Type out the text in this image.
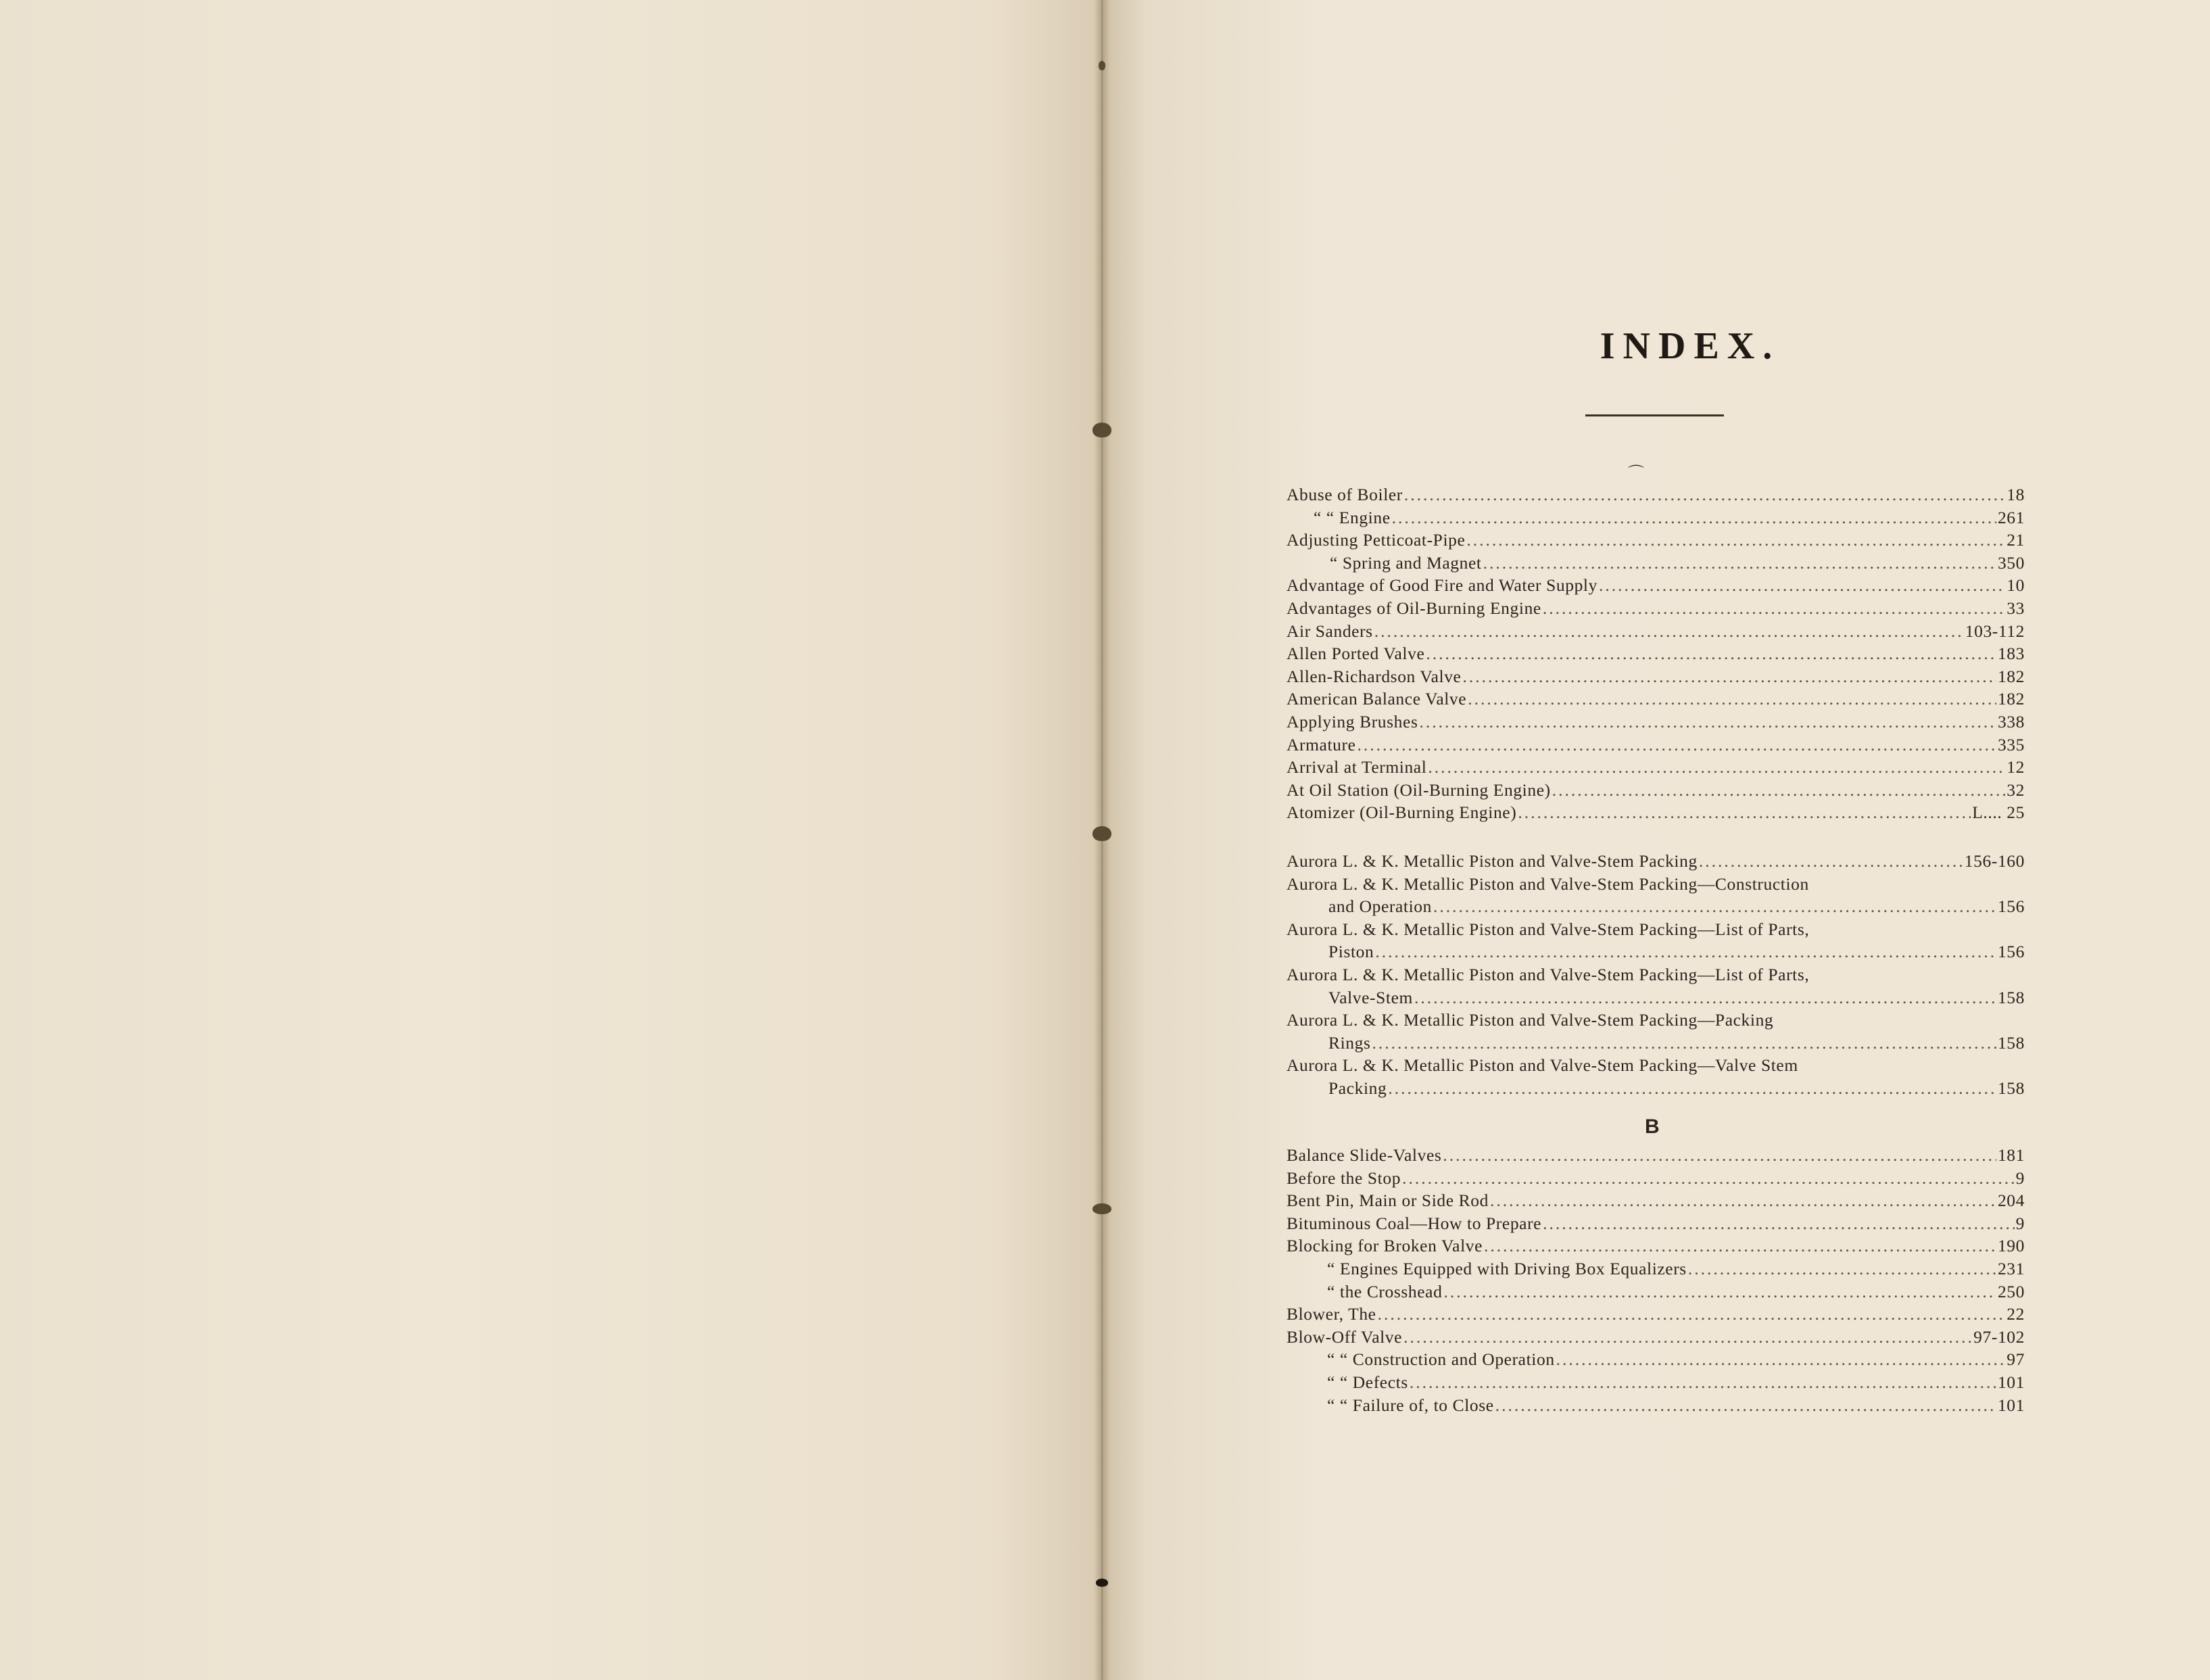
INDEX.
⌒
Abuse of Boiler .....	18
“ “ Engine .....	261
Adjusting Petticoat-Pipe .....	21
“ Spring and Magnet .....	350
Advantage of Good Fire and Water Supply .....	10
Advantages of Oil-Burning Engine .....	33
Air Sanders .....	103-112
Allen Ported Valve .....	183
Allen-Richardson Valve .....	182
American Balance Valve .....	182
Applying Brushes .....	338
Armature .....	335
Arrival at Terminal .....	12
At Oil Station (Oil-Burning Engine) .....	32
Atomizer (Oil-Burning Engine) .....	L.... 25
Aurora L. & K. Metallic Piston and Valve-Stem Packing .....	156-160
Aurora L. & K. Metallic Piston and Valve-Stem Packing—Construction
and Operation .....	156
Aurora L. & K. Metallic Piston and Valve-Stem Packing—List of Parts,
Piston .....	156
Aurora L. & K. Metallic Piston and Valve-Stem Packing—List of Parts,
Valve-Stem .....	158
Aurora L. & K. Metallic Piston and Valve-Stem Packing—Packing
Rings .....	158
Aurora L. & K. Metallic Piston and Valve-Stem Packing—Valve Stem
Packing .....	158
B
Balance Slide-Valves .....	181
Before the Stop .....	9
Bent Pin, Main or Side Rod .....	204
Bituminous Coal—How to Prepare .....	9
Blocking for Broken Valve .....	190
“ Engines Equipped with Driving Box Equalizers .....	231
“ the Crosshead .....	250
Blower, The .....	22
Blow-Off Valve .....	97-102
“ “ Construction and Operation .....	97
“ “ Defects .....	101
“ “ Failure of, to Close .....	101
